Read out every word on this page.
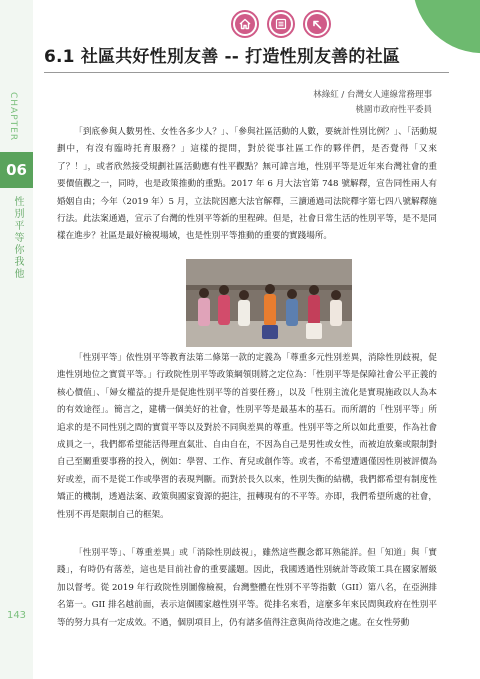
CHAPTER
06
性別平等你我他
143
6.1 社區共好性別友善 -- 打造性別友善的社區
林綠紅 / 台灣女人連線常務理事
桃園市政府性平委員

「到底參與人數男性、女性各多少人？」、「參與社區活動的人數，要統計性別比例？」、「活動規劃中，有沒有臨時托育服務？」這樣的提問，對於從事社區工作的夥伴們，是否覺得「又來了？！」，或者欣然接受規劃社區活動應有性平觀點？無可諱言地，性別平等是近年來台灣社會的重要價值觀之一，同時，也是政策推動的重點。2017 年 6 月大法官第 748 號解釋，宣告同性兩人有婚姻自由；今年（2019 年）5 月，立法院因應大法官解釋，三讀通過司法院釋字第七四八號解釋施行法。此法案通過，宣示了台灣的性別平等新的里程碑。但是，社會日常生活的性別平等，是不是同樣在進步？社區是最好檢視場域，也是性別平等推動的重要的實踐場所。

「性別平等」依性別平等教育法第二條第一款的定義為「尊重多元性別差異，消除性別歧視，促進性別地位之實質平等。」行政院性別平等政策綱領則將之定位為：「性別平等是保障社會公平正義的核心價值」、「婦女權益的提升是促進性別平等的首要任務」，以及「性別主流化是實現施政以人為本的有效途徑」。簡言之，建構一個美好的社會，性別平等是最基本的基石。而所謂的「性別平等」所追求的是不同性別之間的實質平等以及對於不同與差異的尊重。性別平等之所以如此重要，作為社會成員之一，我們都希望能活得理直氣壯、自由自在，不因為自己是男性或女性，而被迫放棄或限制對自己至關重要事務的投入，例如：學習、工作、育兒或創作等。或者，不希望遭遇僅因性別被評價為好或差，而不是從工作或學習的表現判斷。而對於長久以來，性別失衡的結構，我們都希望有制度性矯正的機制，透過法案、政策與國家資源的挹注，扭轉現有的不平等。亦即，我們希望所處的社會，性別不再是限制自己的框架。

「性別平等」、「尊重差異」或「消除性別歧視」，雖然這些觀念都耳熟能詳。但「知道」與「實踐」，有時仍有落差，這也是目前社會的重要議題。因此，我國透過性別統計等政策工具在國家層級加以督考。從 2019 年行政院性別圖像檢視，台灣整體在性別不平等指數（GII）第八名，在亞洲排名第一。GII 排名越前面，表示這個國家越性別平等。從排名來看，這麼多年來民間與政府在性別平等的努力具有一定成效。不過，個別項目上，仍有諸多值得注意與尚待改進之處。在女性勞動
